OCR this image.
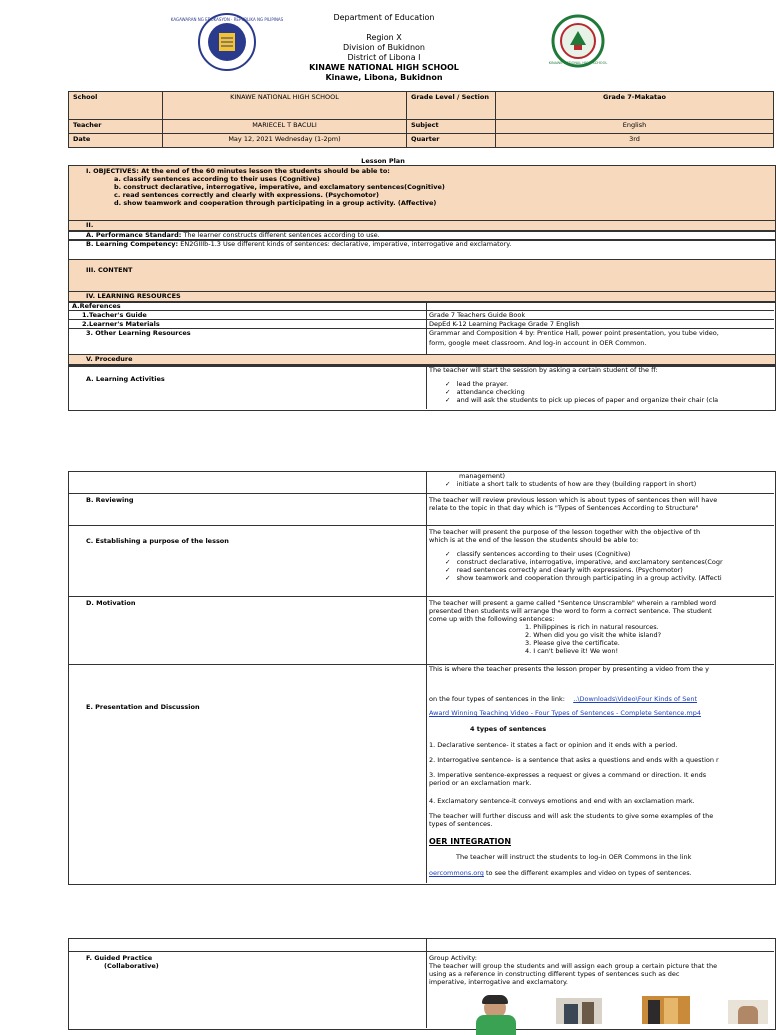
KAGAWARAN NG EDUKASYON · REPUBLIKA NG PILIPINAS
KINAWE NATIONAL HIGH SCHOOL
Department of Education
Region X
Division of Bukidnon
District of Libona I
KINAWE NATIONAL HIGH SCHOOL
Kinawe, Libona, Bukidnon
School	KINAWE NATIONAL HIGH SCHOOL	Grade Level / Section	Grade 7-Makatao
Teacher	MARIECEL T BACULI	Subject	English
Date	May 12, 2021 Wednesday (1-2pm)	Quarter	3rd
Lesson Plan
I. OBJECTIVES: At the end of the 60 minutes lesson the students should be able to:
a. classify sentences according to their uses (Cognitive)
b. construct declarative, interrogative, imperative, and exclamatory sentences(Cognitive)
c. read sentences correctly and clearly with expressions. (Psychomotor)
d. show teamwork and cooperation through participating in a group activity. (Affective)
II.
A. Performance Standard: The learner constructs different sentences according to use.
B. Learning Competency: EN2GIIIb-1.3 Use different kinds of sentences: declarative, imperative, interrogative and exclamatory.
III. CONTENT
IV. LEARNING RESOURCES
A.References
1.Teacher's Guide	Grade 7 Teachers Guide Book
2.Learner's Materials	DepEd K-12 Learning Package Grade 7 English
3. Other Learning Resources	Grammar and Composition 4 by: Prentice Hall, power point presentation, you tube video,
form, google meet classroom. And log-in account in OER Common.
V. Procedure
A. Learning Activities
The teacher will start the session by asking a certain student of the ff:
✓ lead the prayer.
✓ attendance checking
✓ and will ask the students to pick up pieces of paper and organize their chair (cla
management)
✓ initiate a short talk to students of how are they (building rapport in short)
B. Reviewing	The teacher will review previous lesson which is about types of sentences then will have
relate to the topic in that day which is "Types of Sentences According to Structure"
C. Establishing a purpose of the lesson
The teacher will present the purpose of the lesson together with the objective of th
which is at the end of the lesson the students should be able to:
✓ classify sentences according to their uses (Cognitive)
✓ construct declarative, interrogative, imperative, and exclamatory sentences(Cogr
✓ read sentences correctly and clearly with expressions. (Psychomotor)
✓ show teamwork and cooperation through participating in a group activity. (Affecti
D. Motivation	The teacher will present a game called "Sentence Unscramble" wherein a rambled word
presented then students will arrange the word to form a correct sentence. The student
come up with the following sentences:
1. Philippines is rich in natural resources.
2. When did you go visit the white island?
3. Please give the certificate.
4. I can't believe it! We won!
E. Presentation and Discussion
This is where the teacher presents the lesson proper by presenting a video from the y
on the four types of sentences in the link: ..\Downloads\Video\Four Kinds of Sent
Award Winning Teaching Video - Four Types of Sentences - Complete Sentence.mp4
4 types of sentences
1. Declarative sentence- it states a fact or opinion and it ends with a period.
2. Interrogative sentence- is a sentence that asks a questions and ends with a question r
3. Imperative sentence-expresses a request or gives a command or direction. It ends
period or an exclamation mark.
4. Exclamatory sentence-it conveys emotions and end with an exclamation mark.
The teacher will further discuss and will ask the students to give some examples of the
types of sentences.
OER INTEGRATION
The teacher will instruct the students to log-in OER Commons in the link
oercommons.org to see the different examples and video on types of sentences.
F. Guided Practice
(Collaborative)
Group Activity:
The teacher will group the students and will assign each group a certain picture that the
using as a reference in constructing different types of sentences such as dec
imperative, interrogative and exclamatory.
